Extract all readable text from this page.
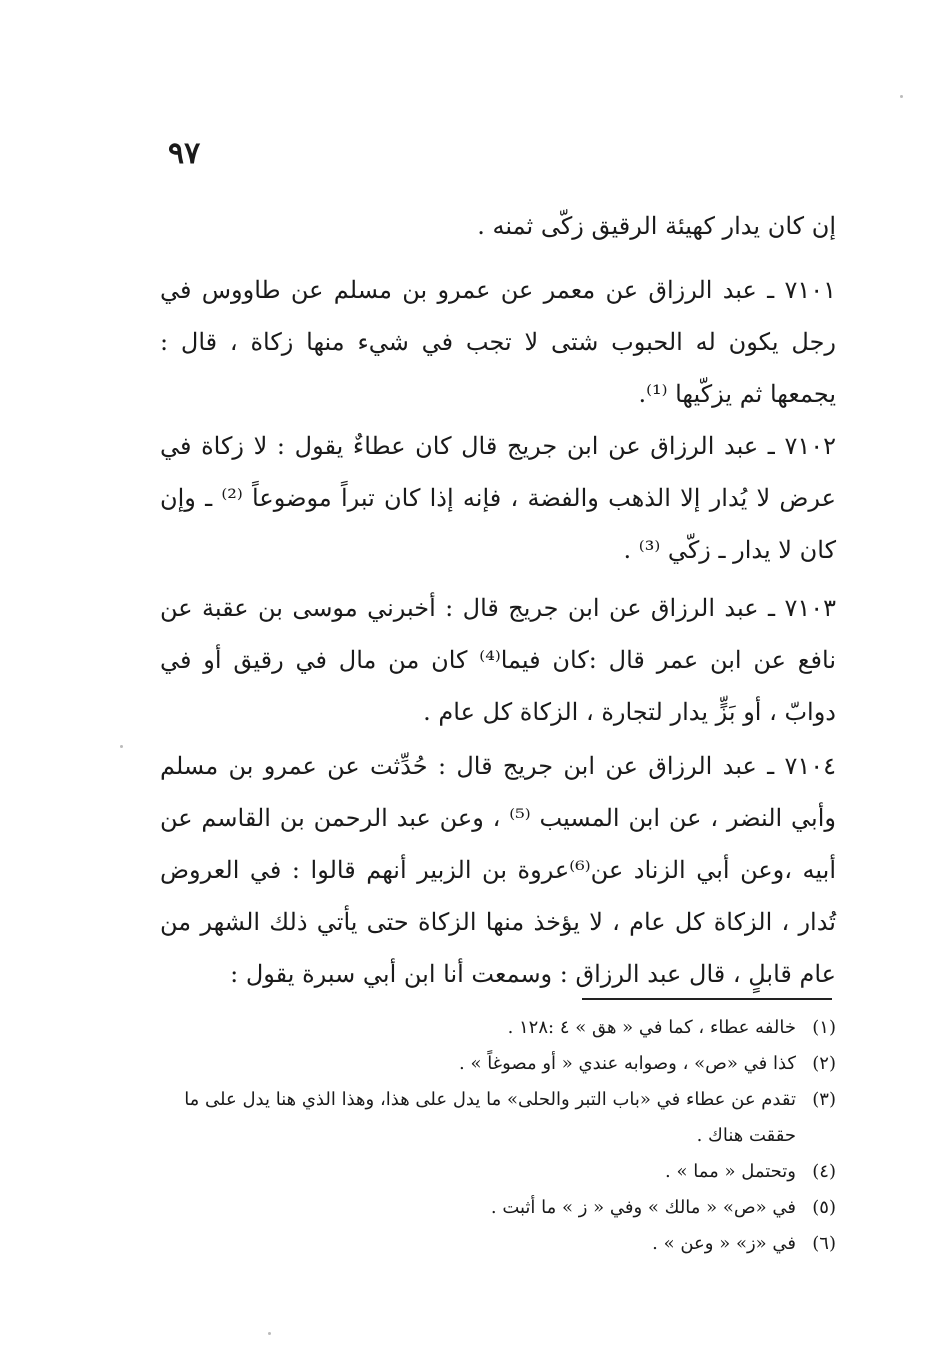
٩٧

إن كان يدار كهيئة الرقيق زكّى ثمنه .

٧١٠١ ـ عبد الرزاق عن معمر عن عمرو بن مسلم عن طاووس في رجل يكون له الحبوب شتى لا تجب في شيء منها زكاة ، قال : يجمعها ثم يزكّيها ⁽¹⁾.

٧١٠٢ ـ عبد الرزاق عن ابن جريج قال كان عطاءٌ يقول : لا زكاة في عرض لا يُدار إلا الذهب والفضة ، فإنه إذا كان تبراً موضوعاً ⁽²⁾ ـ وإن كان لا يدار ـ زكّي ⁽³⁾ .

٧١٠٣ ـ عبد الرزاق عن ابن جريج قال : أخبرني موسى بن عقبة عن نافع عن ابن عمر قال :كان فيما⁽⁴⁾ كان من مال في رقيق أو في دوابّ ، أو بَزٍّ يدار لتجارة ، الزكاة كل عام .

٧١٠٤ ـ عبد الرزاق عن ابن جريج قال : حُدِّثت عن عمرو بن مسلم وأبي النضر ، عن ابن المسيب ⁽⁵⁾ ، وعن عبد الرحمن بن القاسم عن أبيه ،وعن أبي الزناد عن⁽⁶⁾عروة بن الزبير أنهم قالوا : في العروض تُدار ، الزكاة كل عام ، لا يؤخذ منها الزكاة حتى يأتي ذلك الشهر من عام قابلٍ ، قال عبد الرزاق : وسمعت أنا ابن أبي سبرة يقول :

(١)خالفه عطاء ، كما في « هق » ٤ :١٢٨ .

(٢)كذا في «ص» ، وصوابه عندي « أو مصوغاً » .

(٣)تقدم عن عطاء في «باب التبر والحلى» ما يدل على هذا، وهذا الذي هنا يدل على ما حققت هناك .

(٤)وتحتمل « مما » .

(٥)في «ص» « مالك » وفي « ز » ما أثبت .

(٦)في «ز» « وعن » .
